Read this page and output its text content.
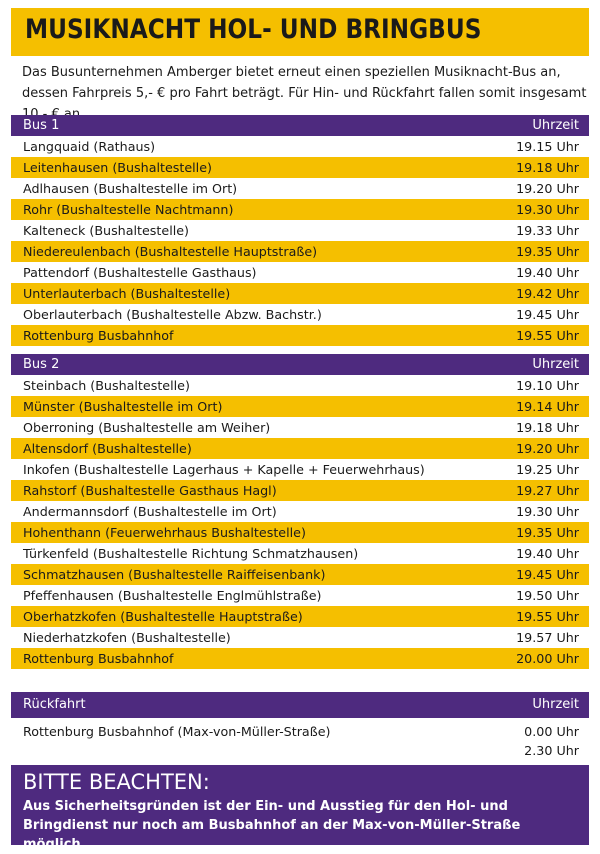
MUSIKNACHT HOL- UND BRINGBUS
Das Busunternehmen Amberger bietet erneut einen speziellen Musiknacht-Bus an, dessen Fahrpreis 5,- € pro Fahrt beträgt. Für Hin- und Rückfahrt fallen somit insgesamt
Bus 1	Uhrzeit
Langquaid (Rathaus)	19.15 Uhr
Leitenhausen (Bushaltestelle)	19.18 Uhr
Adlhausen (Bushaltestelle im Ort)	19.20 Uhr
Rohr (Bushaltestelle Nachtmann)	19.30 Uhr
Kalteneck (Bushaltestelle)	19.33 Uhr
Niedereulenbach (Bushaltestelle Hauptstraße)	19.35 Uhr
Pattendorf (Bushaltestelle Gasthaus)	19.40 Uhr
Unterlauterbach (Bushaltestelle)	19.42 Uhr
Oberlauterbach (Bushaltestelle Abzw. Bachstr.)	19.45 Uhr
Rottenburg Busbahnhof	19.55 Uhr
Bus 2	Uhrzeit
Steinbach (Bushaltestelle)	19.10 Uhr
Münster (Bushaltestelle im Ort)	19.14 Uhr
Oberroning (Bushaltestelle am Weiher)	19.18 Uhr
Altensdorf (Bushaltestelle)	19.20 Uhr
Inkofen (Bushaltestelle Lagerhaus + Kapelle + Feuerwehrhaus)	19.25 Uhr
Rahstorf (Bushaltestelle Gasthaus Hagl)	19.27 Uhr
Andermannsdorf (Bushaltestelle im Ort)	19.30 Uhr
Hohenthann (Feuerwehrhaus Bushaltestelle)	19.35 Uhr
Türkenfeld (Bushaltestelle Richtung Schmatzhausen)	19.40 Uhr
Schmatzhausen (Bushaltestelle Raiffeisenbank)	19.45 Uhr
Pfeffenhausen (Bushaltestelle Englmühlstraße)	19.50 Uhr
Oberhatzkofen (Bushaltestelle Hauptstraße)	19.55 Uhr
Niederhatzkofen (Bushaltestelle)	19.57 Uhr
Rottenburg Busbahnhof	20.00 Uhr
Rückfahrt	Uhrzeit
Rottenburg Busbahnhof (Max-von-Müller-Straße)	0.00 Uhr
2.30 Uhr
BITTE BEACHTEN:
Aus Sicherheitsgründen ist der Ein- und Ausstieg für den Hol- und Bringdienst nur noch am Busbahnhof an der Max-von-Müller-Straße möglich.
